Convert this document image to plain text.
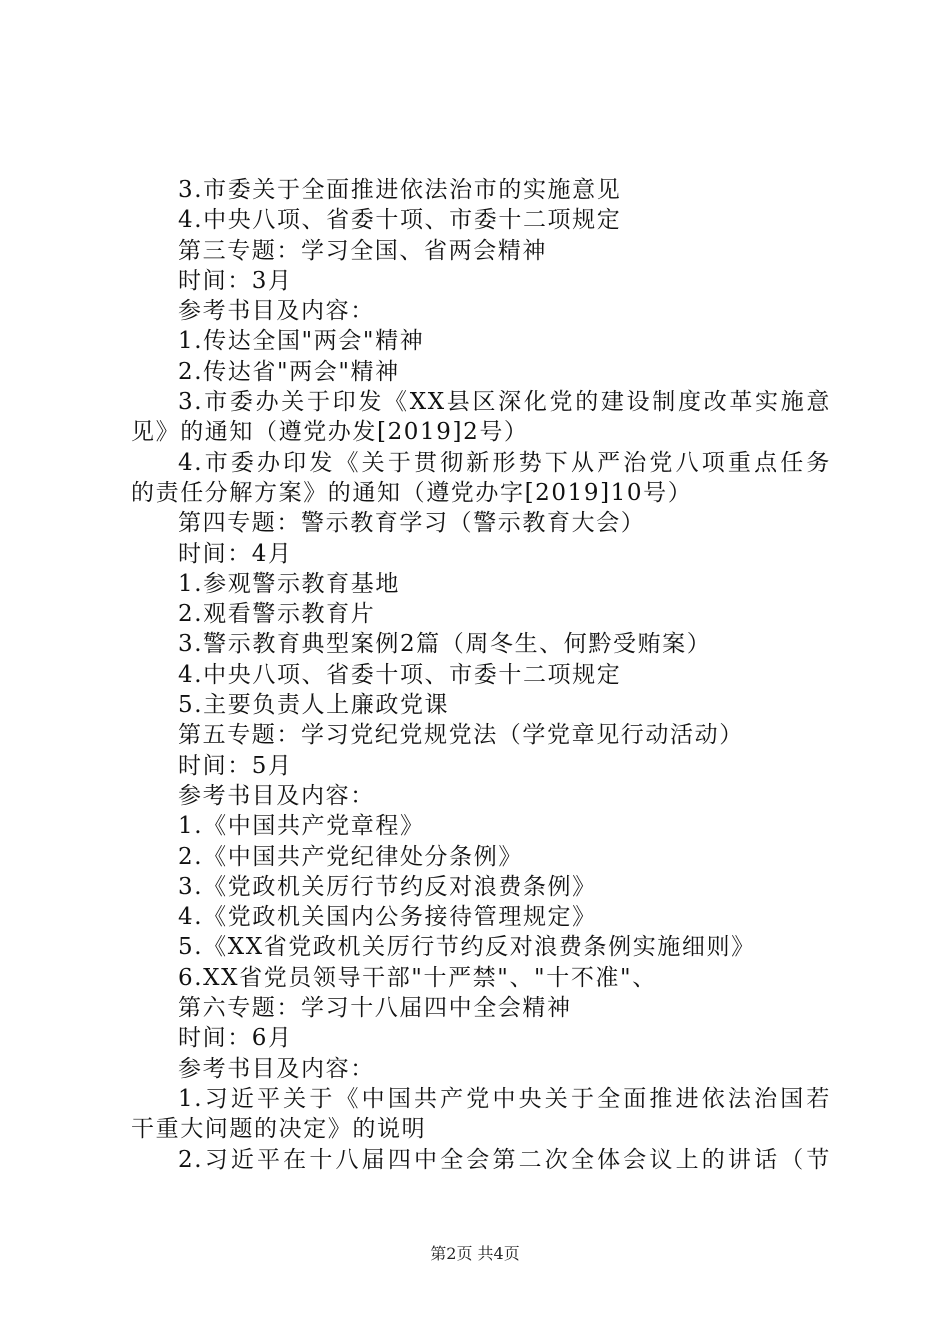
3.市委关于全面推进依法治市的实施意见
4.中央八项、省委十项、市委十二项规定
第三专题：学习全国、省两会精神
时间：3月
参考书目及内容：
1.传达全国"两会"精神
2.传达省"两会"精神
3.市委办关于印发《XX县区深化党的建设制度改革实施意
见》的通知（遵党办发[2019]2号）
4.市委办印发《关于贯彻新形势下从严治党八项重点任务
的责任分解方案》的通知（遵党办字[2019]10号）
第四专题：警示教育学习（警示教育大会）
时间：4月
1.参观警示教育基地
2.观看警示教育片
3.警示教育典型案例2篇（周冬生、何黔受贿案）
4.中央八项、省委十项、市委十二项规定
5.主要负责人上廉政党课
第五专题：学习党纪党规党法（学党章见行动活动）
时间：5月
参考书目及内容：
1.《中国共产党章程》
2.《中国共产党纪律处分条例》
3.《党政机关厉行节约反对浪费条例》
4.《党政机关国内公务接待管理规定》
5.《XX省党政机关厉行节约反对浪费条例实施细则》
6.XX省党员领导干部"十严禁"、"十不准"、
第六专题：学习十八届四中全会精神
时间：6月
参考书目及内容：
1.习近平关于《中国共产党中央关于全面推进依法治国若
干重大问题的决定》的说明
2.习近平在十八届四中全会第二次全体会议上的讲话（节
第2页 共4页
